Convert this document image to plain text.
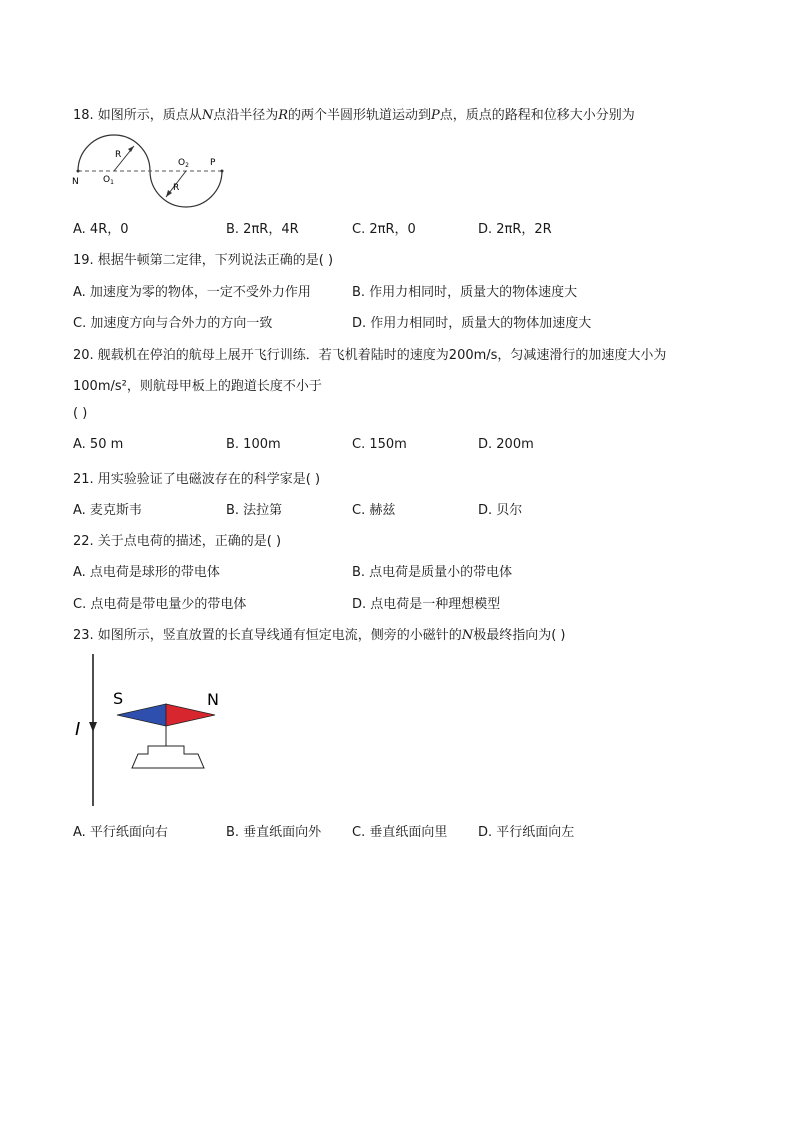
18. 如图所示，质点从N点沿半径为R的两个半圆形轨道运动到P点，质点的路程和位移大小分别为
N	$O_1$
$O_2$ P
R
R
A. 4R，0	B. 2πR，4R	C. 2πR，0	D. 2πR，2R
19. 根据牛顿第二定律，下列说法正确的是( )
A. 加速度为零的物体，一定不受外力作用	B. 作用力相同时，质量大的物体速度大
C. 加速度方向与合外力的方向一致	D. 作用力相同时，质量大的物体加速度大
20. 舰载机在停泊的航母上展开飞行训练．若飞机着陆时的速度为200m/s，匀减速滑行的加速度大小为
100m/s²，则航母甲板上的跑道长度不小于
( )
A. 50 m	B. 100m	C. 150m	D. 200m
21. 用实验验证了电磁波存在的科学家是( )
A. 麦克斯韦	B. 法拉第	C. 赫兹	D. 贝尔
22. 关于点电荷的描述，正确的是( )
A. 点电荷是球形的带电体	B. 点电荷是质量小的带电体
C. 点电荷是带电量少的带电体	D. 点电荷是一种理想模型
23. 如图所示，竖直放置的长直导线通有恒定电流，侧旁的小磁针的N极最终指向为( )
I
S	N
A. 平行纸面向右	B. 垂直纸面向外 C. 垂直纸面向里 D. 平行纸面向左
